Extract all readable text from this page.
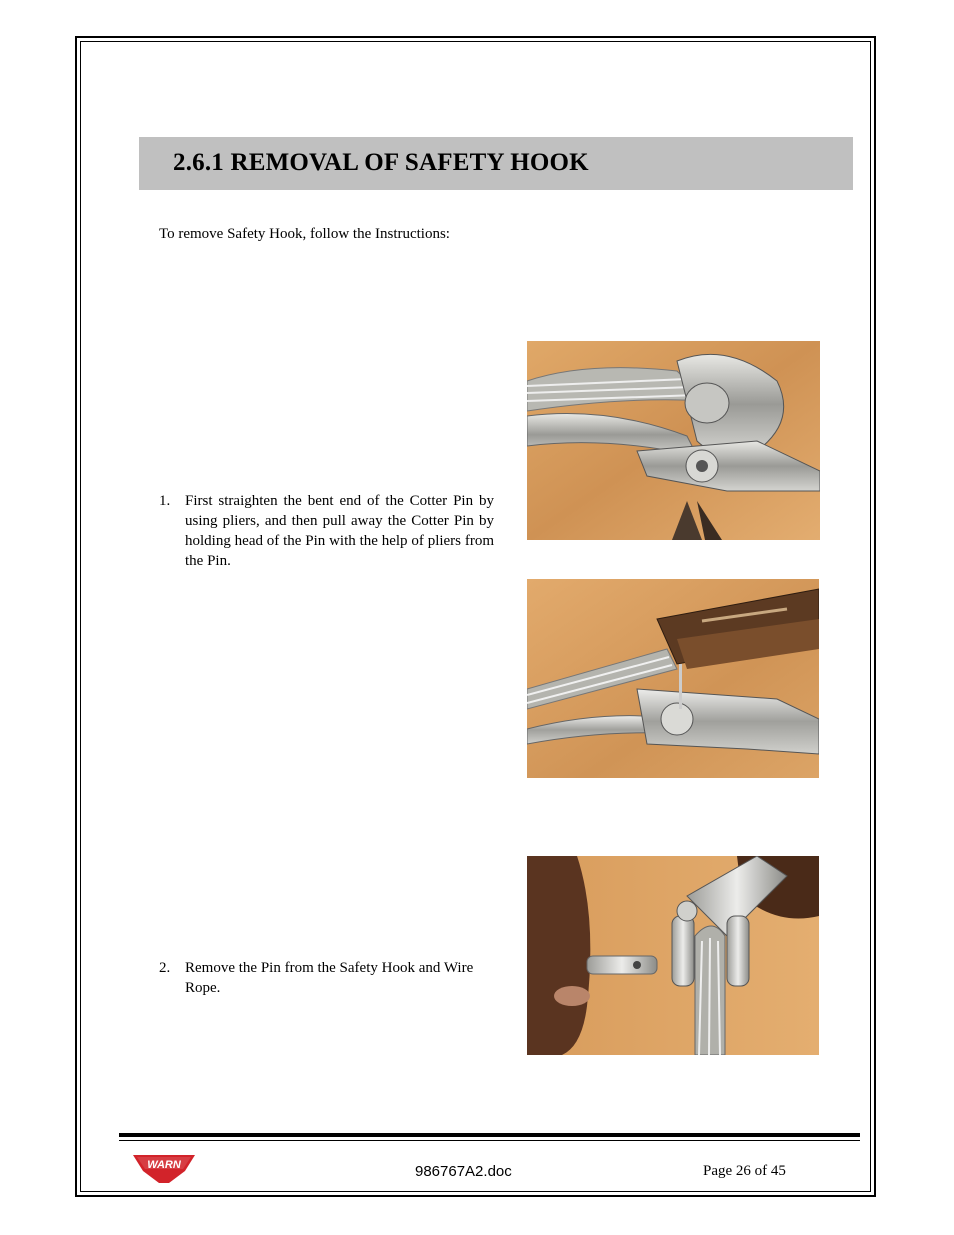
2.6.1 REMOVAL OF SAFETY HOOK
To remove Safety Hook, follow the Instructions:
1. First straighten the bent end of the Cotter Pin by using pliers, and then pull away the Cotter Pin by holding head of the Pin with the help of pliers from the Pin.
2. Remove the Pin from the Safety Hook and Wire Rope.
WARN	986767A2.doc	Page 26 of 45
